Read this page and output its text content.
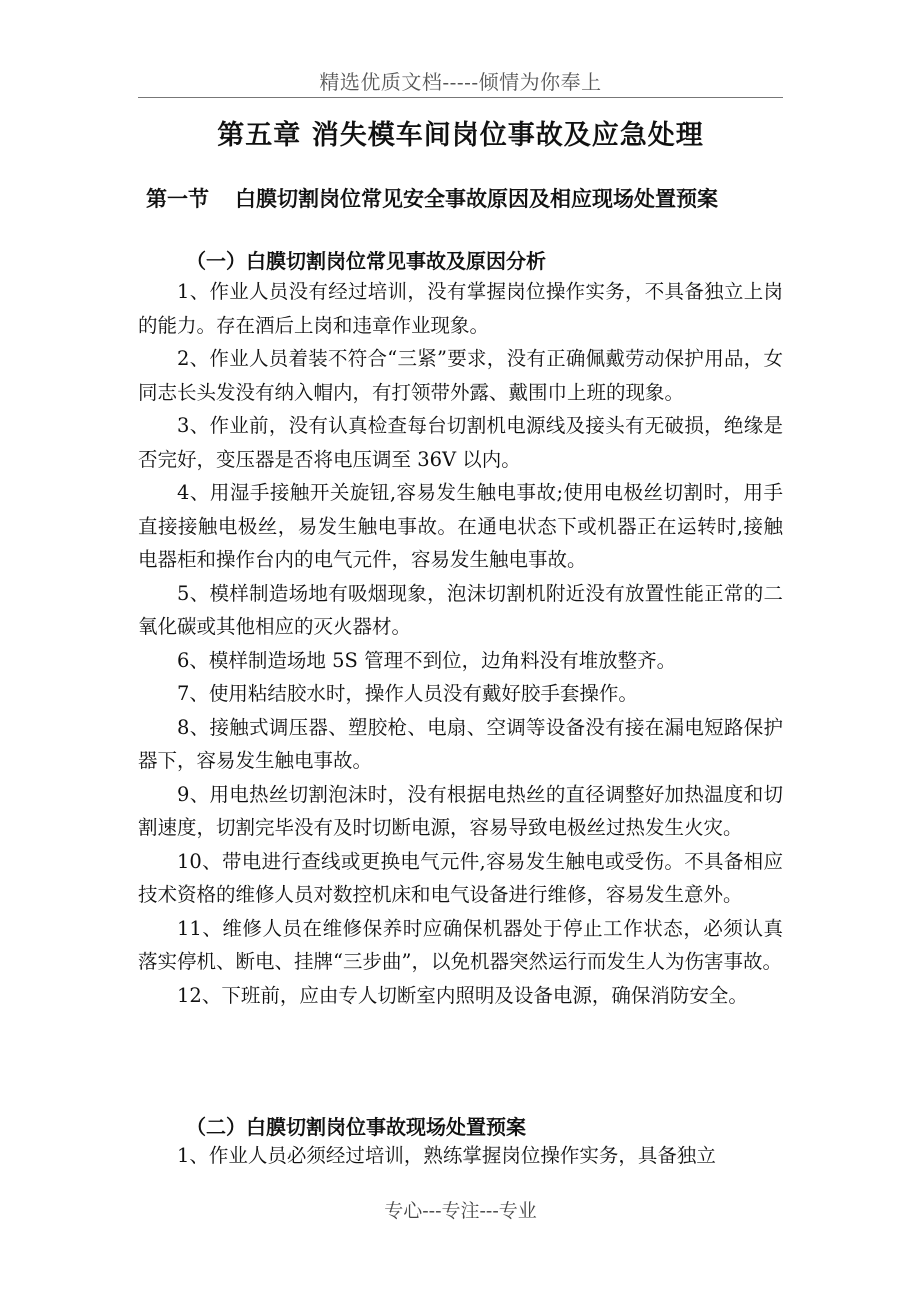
精选优质文档-----倾情为你奉上
第五章 消失模车间岗位事故及应急处理
第一节 白膜切割岗位常见安全事故原因及相应现场处置预案
（一）白膜切割岗位常见事故及原因分析

1、作业人员没有经过培训，没有掌握岗位操作实务，不具备独立上岗的能力。存在酒后上岗和违章作业现象。

2、作业人员着装不符合“三紧”要求，没有正确佩戴劳动保护用品，女同志长头发没有纳入帽内，有打领带外露、戴围巾上班的现象。

3、作业前，没有认真检查每台切割机电源线及接头有无破损，绝缘是否完好，变压器是否将电压调至 36V 以内。

4、用湿手接触开关旋钮,容易发生触电事故;使用电极丝切割时，用手直接接触电极丝，易发生触电事故。在通电状态下或机器正在运转时,接触电器柜和操作台内的电气元件，容易发生触电事故。

5、模样制造场地有吸烟现象，泡沫切割机附近没有放置性能正常的二氧化碳或其他相应的灭火器材。

6、模样制造场地 5S 管理不到位，边角料没有堆放整齐。

7、使用粘结胶水时，操作人员没有戴好胶手套操作。

8、接触式调压器、塑胶枪、电扇、空调等设备没有接在漏电短路保护器下，容易发生触电事故。

9、用电热丝切割泡沫时，没有根据电热丝的直径调整好加热温度和切割速度，切割完毕没有及时切断电源，容易导致电极丝过热发生火灾。

10、带电进行查线或更换电气元件,容易发生触电或受伤。不具备相应技术资格的维修人员对数控机床和电气设备进行维修，容易发生意外。

11、维修人员在维修保养时应确保机器处于停止工作状态，必须认真落实停机、断电、挂牌“三步曲”，以免机器突然运行而发生人为伤害事故。

12、下班前，应由专人切断室内照明及设备电源，确保消防安全。

（二）白膜切割岗位事故现场处置预案

1、作业人员必须经过培训，熟练掌握岗位操作实务，具备独立

专心---专注---专业
